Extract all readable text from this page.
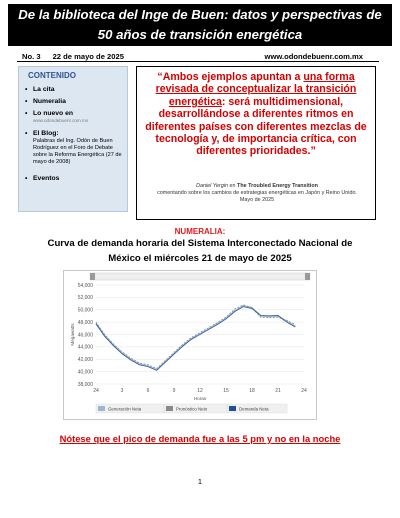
De la biblioteca del Inge de Buen: datos y perspectivas de
50 años de transición energética
No. 3 22 de mayo de 2025	www.odondebuenr.com.mx
CONTENIDO
• La cita
• Numeralia
• Lo nuevo en
www.odondebuenr.com.mx
• El Blog:
Palabras del Ing. Odón de Buen Rodríguez en el Foro de Debate sobre la Reforma Energética (27 de mayo de 2008)
• Eventos
“Ambos ejemplos apuntan a una forma revisada de conceptualizar la transición energética: será multidimensional, desarrollándose a diferentes ritmos en diferentes países con diferentes mezclas de tecnología y, de importancia crítica, con diferentes prioridades.”
Daniel Yergin en The Troubled Energy Transition
comentando sobre los cambios de estrategias energéticas en Japón y Reino Unido. Mayo de 2025
NUMERALIA:
Curva de demanda horaria del Sistema Interconectado Nacional de
México el miércoles 21 de mayo de 2025
54,000
52,000
50,000
48,000
46,000
44,000
42,000
40,000
38,000
24	3	6	9	12	15	18	21	24
Horas
Megawatts
Generación Neta	Pronóstico Neto	Demanda Neta
Nótese que el pico de demanda fue a las 5 pm y no en la noche
1
